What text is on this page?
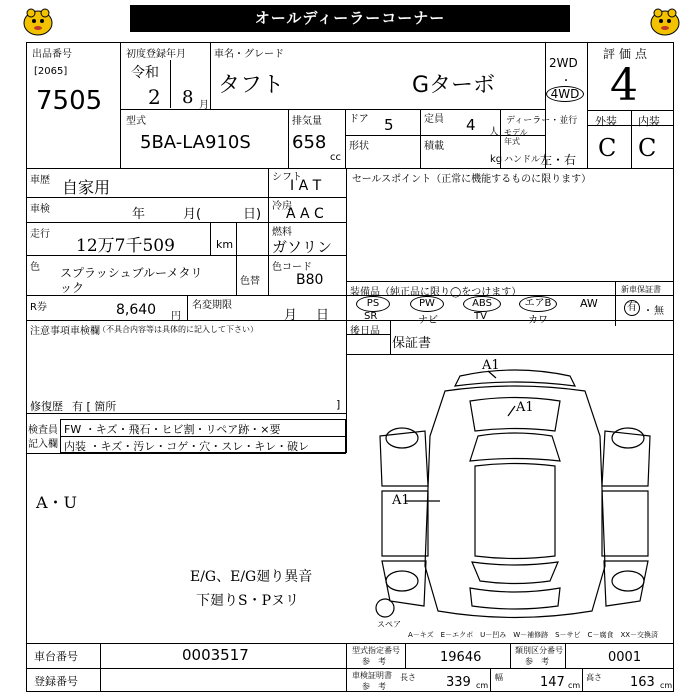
オールディーラーコーナー
出品番号
[2065]
7505
初度登録年月
令和
2 8 月
車名・グレード
タフト	Gターボ
2WD
・
4WD
評価点
4
外装 内装
C C
型式
5BA-LA910S
排気量
658
cc
ドア 5
形状
定員 4 人
積載
kg
ディーラー・並行
モデル
年式
ハンドル 左・右
車歴 自家用
車検	年	月(	日)
走行
12万7千509	km
色 スプラッシュブルーメタリ
ック	色替
色コード
B80
シフト
I A T
冷房
A A C
燃料
ガソリン
R券	8,640 円
名変期限
月 日
セールスポイント（正常に機能するものに限ります）
装備品（純正品に限り◯をつけます）
PS	PW	ABS	エアB	AW
SR	ナビ	TV	カワ
新車保証書
有 ・ 無
後日品
保証書
注意事項車検欄
（不具合内容等は具体的に記入して下さい）
修復歴 有 [ 箇所	]
検査員
記入欄
FW ・キズ・飛石・ヒビ割・リペア跡・×要
内装 ・キズ・汚レ・コゲ・穴・スレ・キレ・破レ
A・U
E/G、E/G廻り異音
下廻りS・Pヌリ
A1
A1
A1
スペア
A－キズ　E－エクボ　U－凹み　W－補修跡　S－サビ　C－腐食　XX－交換済
車台番号	0003517
登録番号
型式指定番号
参　考	19646	類別区分番号
参　考	0001
車検証明書
参　考
長さ 339 cm
幅	147 cm
高さ 163 cm
